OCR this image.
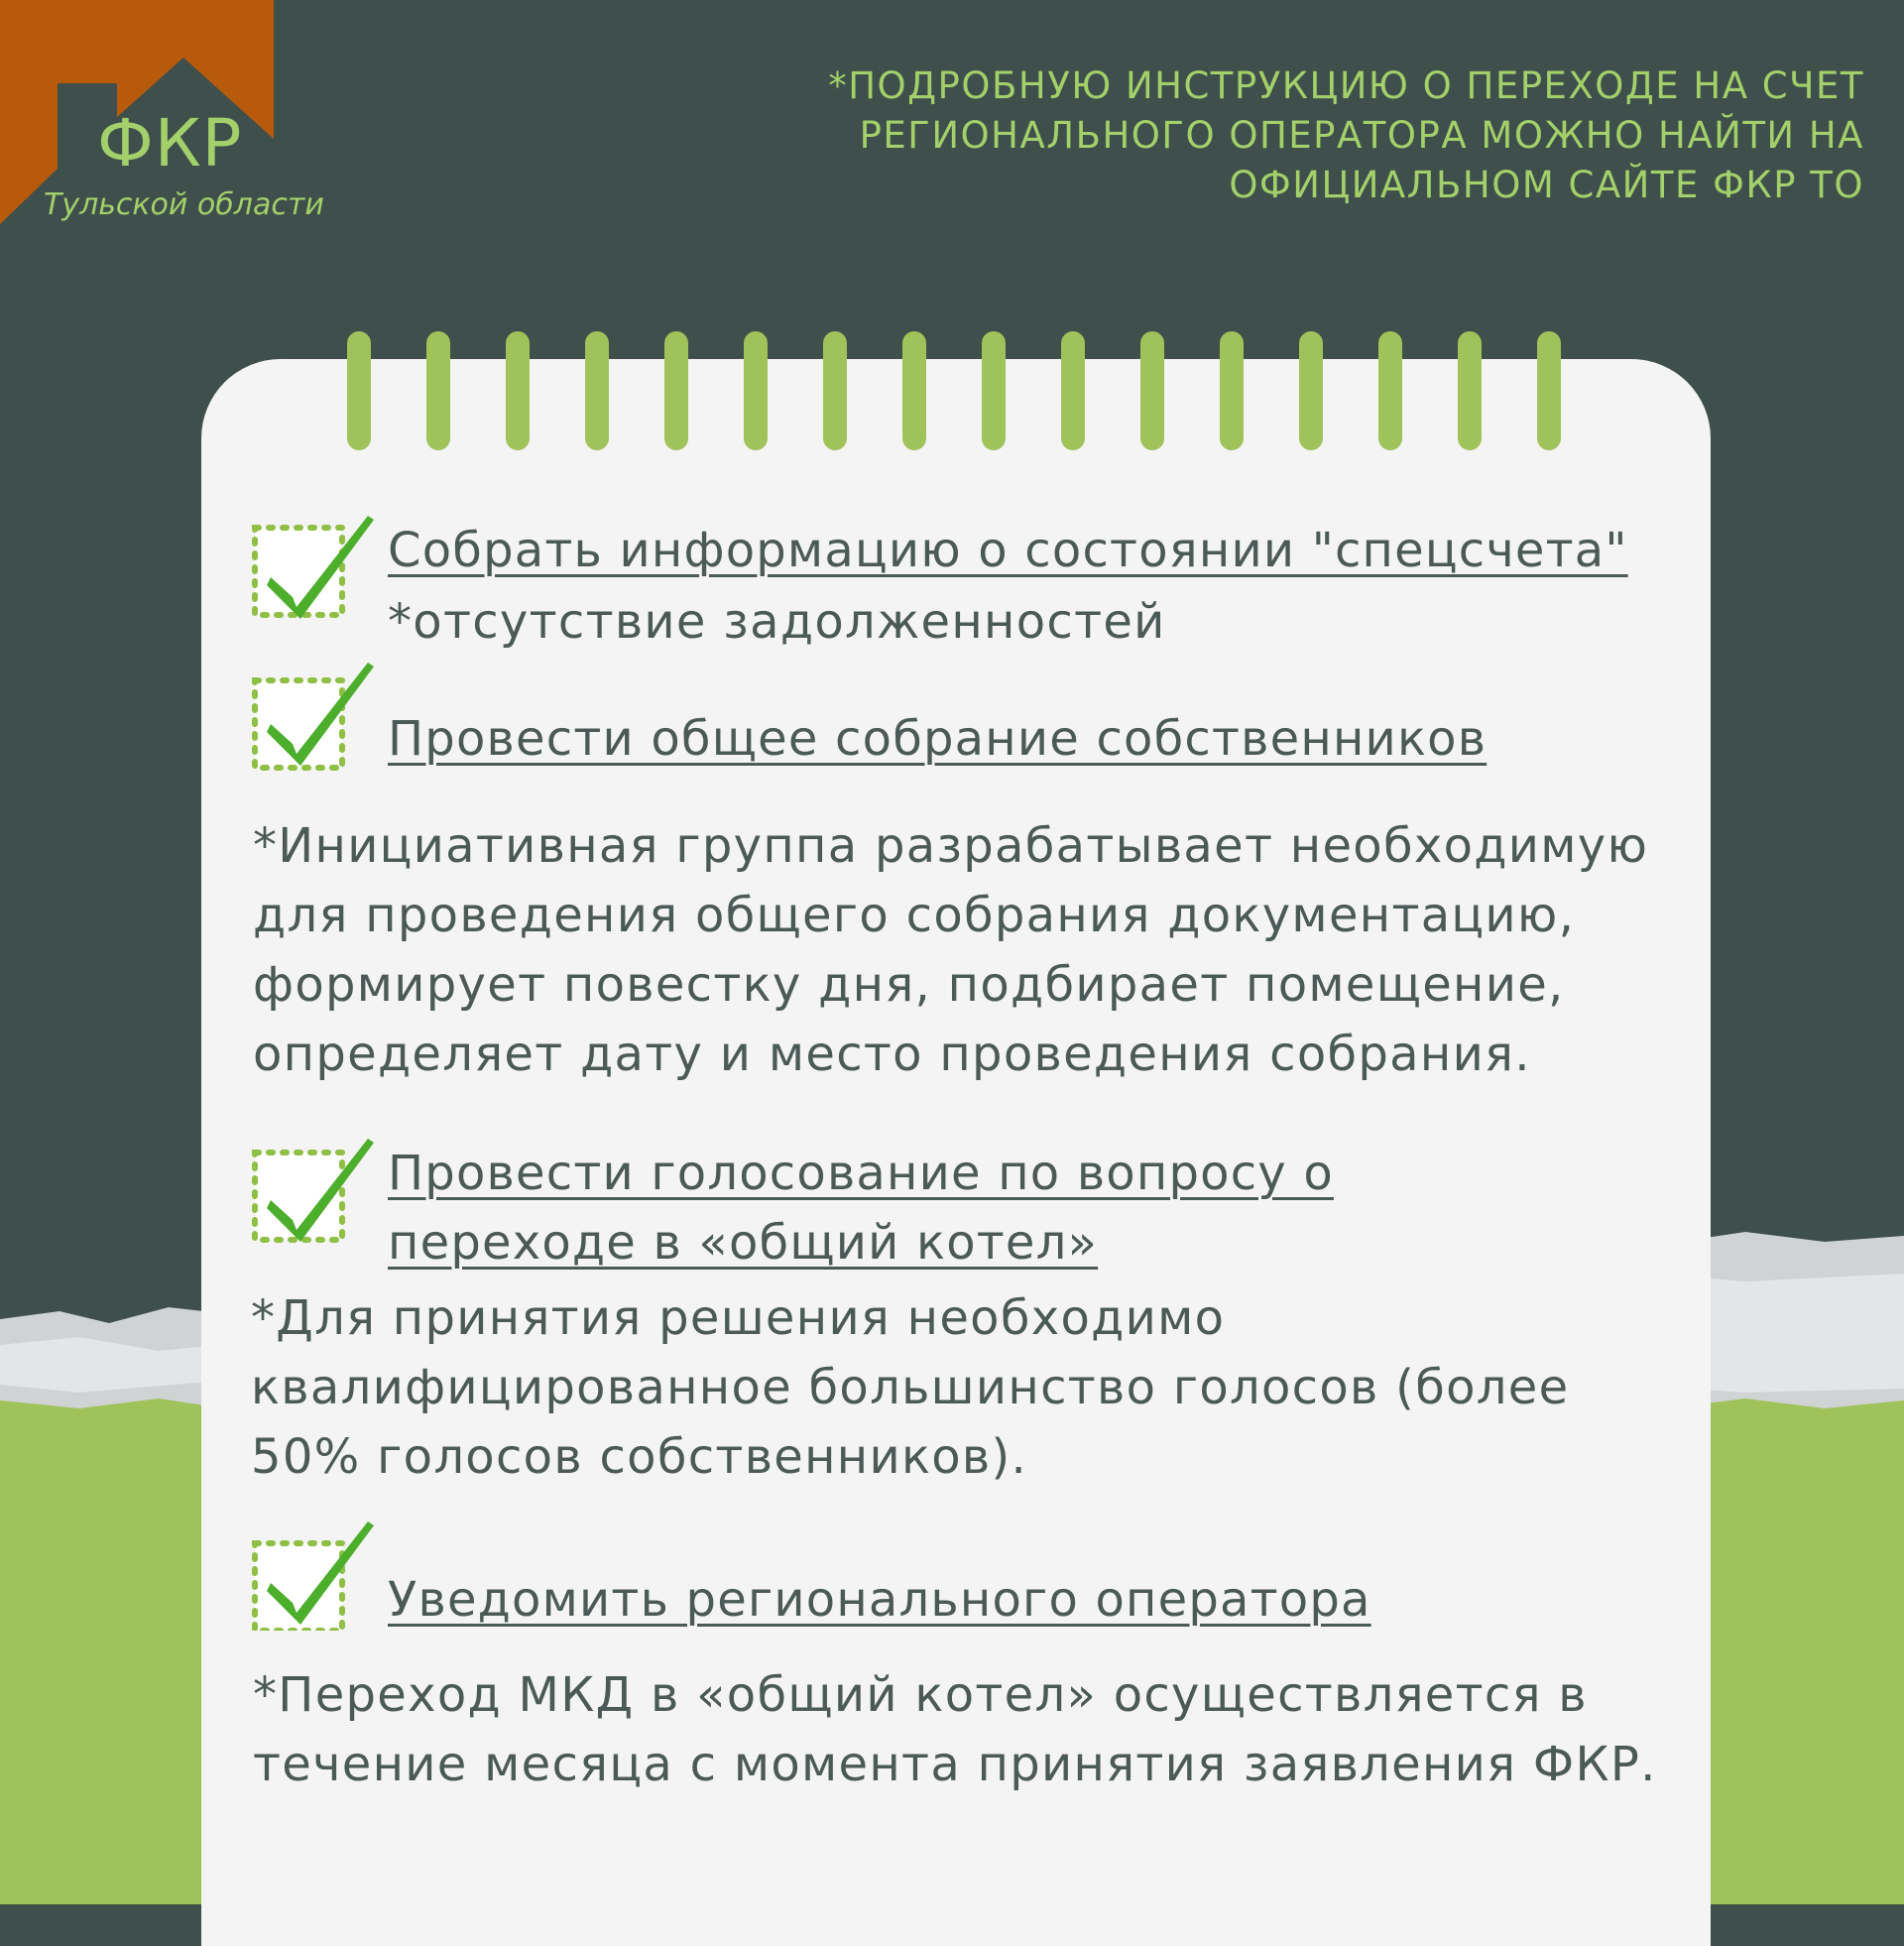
ФКР
Тульской области
*ПОДРОБНУЮ ИНСТРУКЦИЮ О ПЕРЕХОДЕ НА СЧЕТ РЕГИОНАЛЬНОГО ОПЕРАТОРА МОЖНО НАЙТИ НА ОФИЦИАЛЬНОМ САЙТЕ ФКР ТО
Собрать информацию о состоянии "спецсчета"
*отсутствие задолженностей
Провести общее собрание собственников
*Инициативная группа разрабатывает необходимую для проведения общего собрания документацию, формирует повестку дня, подбирает помещение, определяет дату и место проведения собрания.
Провести голосование по вопросу о переходе в «общий котел»
*Для принятия решения необходимо квалифицированное большинство голосов (более 50% голосов собственников).
Уведомить регионального оператора
*Переход МКД в «общий котел» осуществляется в течение месяца с момента принятия заявления ФКР.
